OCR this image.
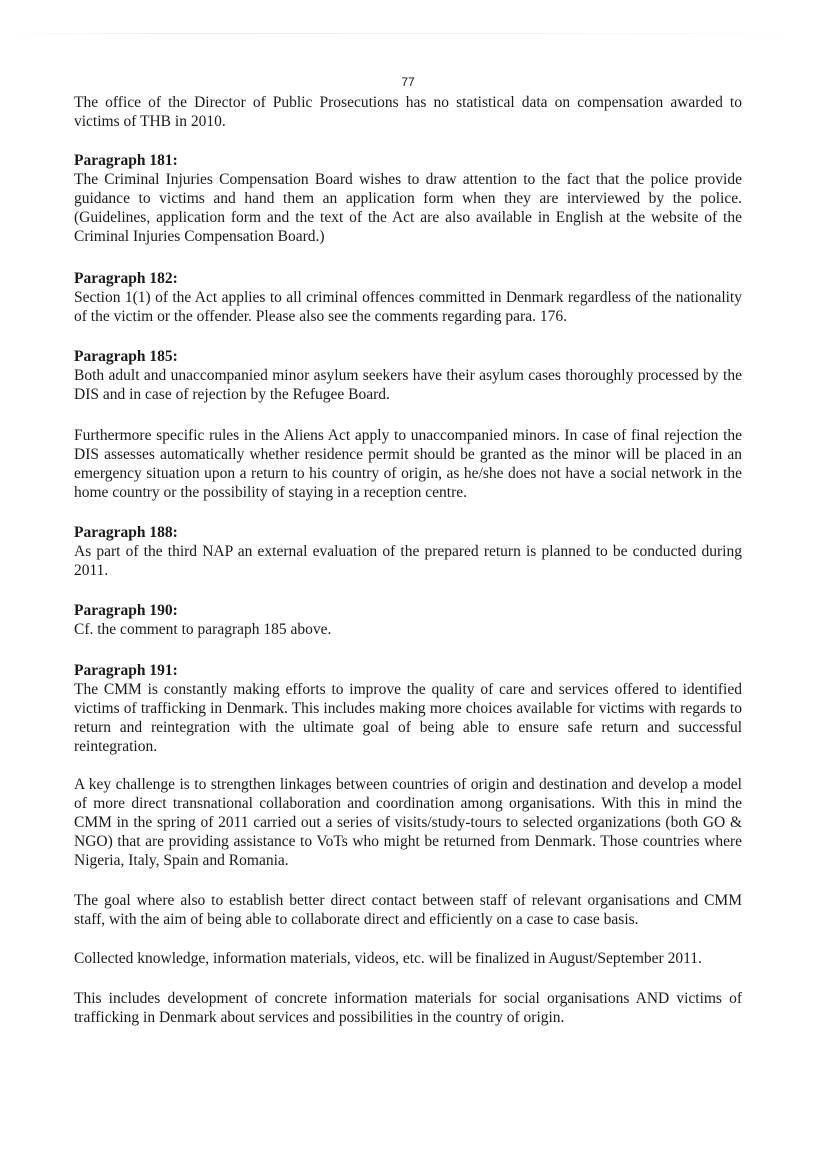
77

The office of the Director of Public Prosecutions has no statistical data on compensation awarded to victims of THB in 2010.

Paragraph 181:

The Criminal Injuries Compensation Board wishes to draw attention to the fact that the police provide guidance to victims and hand them an application form when they are interviewed by the police. (Guidelines, application form and the text of the Act are also available in English at the website of the Criminal Injuries Compensation Board.)

Paragraph 182:

Section 1(1) of the Act applies to all criminal offences committed in Denmark regardless of the nationality of the victim or the offender. Please also see the comments regarding para. 176.

Paragraph 185:

Both adult and unaccompanied minor asylum seekers have their asylum cases thoroughly processed by the DIS and in case of rejection by the Refugee Board.

Furthermore specific rules in the Aliens Act apply to unaccompanied minors. In case of final rejection the DIS assesses automatically whether residence permit should be granted as the minor will be placed in an emergency situation upon a return to his country of origin, as he/she does not have a social network in the home country or the possibility of staying in a reception centre.

Paragraph 188:

As part of the third NAP an external evaluation of the prepared return is planned to be conducted during 2011.

Paragraph 190:

Cf. the comment to paragraph 185 above.

Paragraph 191:

The CMM is constantly making efforts to improve the quality of care and services offered to identified victims of trafficking in Denmark. This includes making more choices available for victims with regards to return and reintegration with the ultimate goal of being able to ensure safe return and successful reintegration.

A key challenge is to strengthen linkages between countries of origin and destination and develop a model of more direct transnational collaboration and coordination among organisations. With this in mind the CMM in the spring of 2011 carried out a series of visits/study-tours to selected organizations (both GO & NGO) that are providing assistance to VoTs who might be returned from Denmark. Those countries where Nigeria, Italy, Spain and Romania.

The goal where also to establish better direct contact between staff of relevant organisations and CMM staff, with the aim of being able to collaborate direct and efficiently on a case to case basis.

Collected knowledge, information materials, videos, etc. will be finalized in August/September 2011.

This includes development of concrete information materials for social organisations AND victims of trafficking in Denmark about services and possibilities in the country of origin.
